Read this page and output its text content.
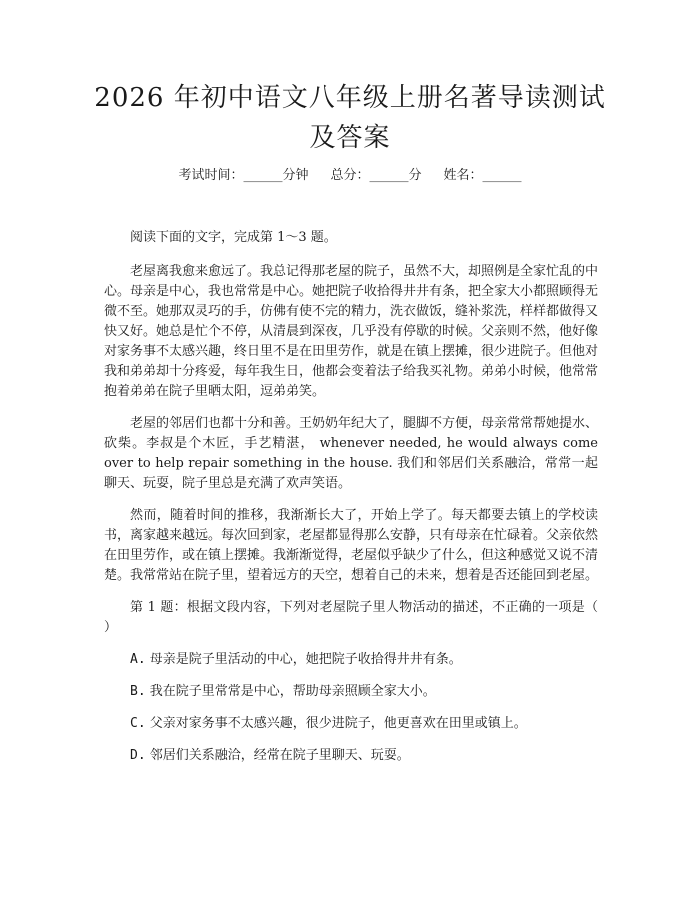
2026 年初中语文八年级上册名著导读测试及答案
考试时间：______分钟 总分：______分 姓名：______

阅读下面的文字，完成第 1～3 题。

老屋离我愈来愈远了。我总记得那老屋的院子，虽然不大，却照例是全家忙乱的中心。母亲是中心，我也常常是中心。她把院子收拾得井井有条，把全家大小都照顾得无微不至。她那双灵巧的手，仿佛有使不完的精力，洗衣做饭，缝补浆洗，样样都做得又快又好。她总是忙个不停，从清晨到深夜，几乎没有停歇的时候。父亲则不然，他好像对家务事不太感兴趣，终日里不是在田里劳作，就是在镇上摆摊，很少进院子。但他对我和弟弟却十分疼爱，每年我生日，他都会变着法子给我买礼物。弟弟小时候，他常常抱着弟弟在院子里晒太阳，逗弟弟笑。

老屋的邻居们也都十分和善。王奶奶年纪大了，腿脚不方便，母亲常常帮她提水、砍柴。李叔是个木匠，手艺精湛， whenever needed, he would always come over to help repair something in the house. 我们和邻居们关系融洽，常常一起聊天、玩耍，院子里总是充满了欢声笑语。

然而，随着时间的推移，我渐渐长大了，开始上学了。每天都要去镇上的学校读书，离家越来越远。每次回到家，老屋都显得那么安静，只有母亲在忙碌着。父亲依然在田里劳作，或在镇上摆摊。我渐渐觉得，老屋似乎缺少了什么，但这种感觉又说不清楚。我常常站在院子里，望着远方的天空，想着自己的未来，想着是否还能回到老屋。

第 1 题：根据文段内容，下列对老屋院子里人物活动的描述，不正确的一项是（ ）

A. 母亲是院子里活动的中心，她把院子收拾得井井有条。
B. 我在院子里常常是中心，帮助母亲照顾全家大小。
C. 父亲对家务事不太感兴趣，很少进院子，他更喜欢在田里或镇上。
D. 邻居们关系融洽，经常在院子里聊天、玩耍。
